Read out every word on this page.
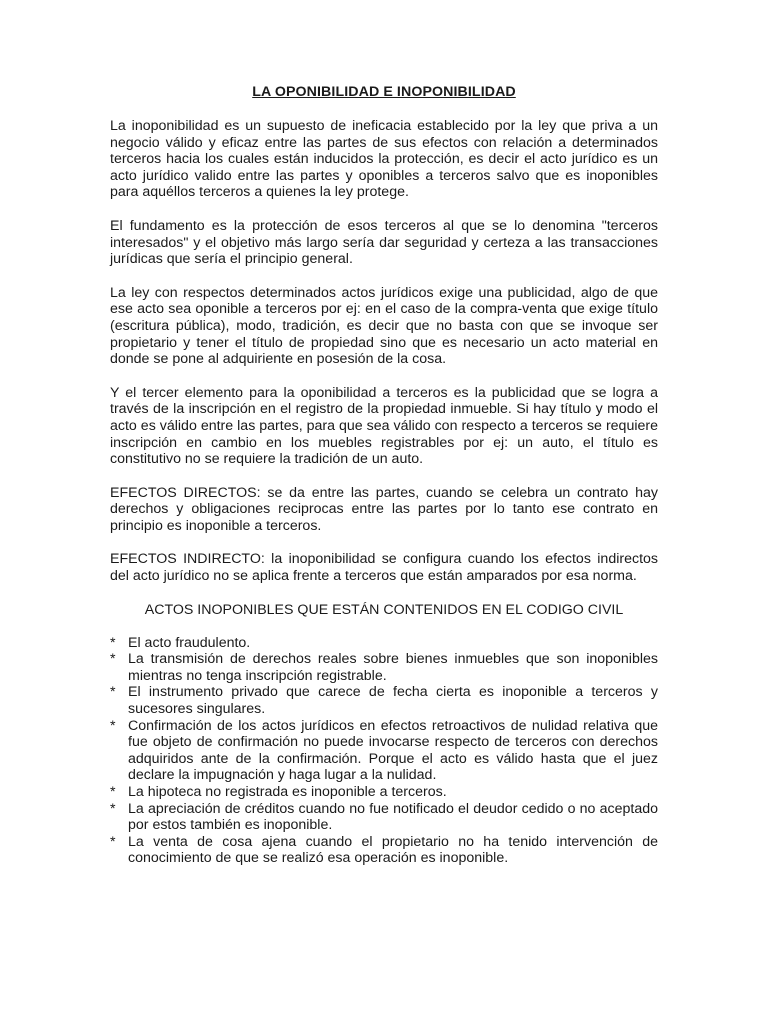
LA OPONIBILIDAD E INOPONIBILIDAD

La inoponibilidad es un supuesto de ineficacia establecido por la ley que priva a un negocio válido y eficaz entre las partes de sus efectos con relación a determinados terceros hacia los cuales están inducidos la protección, es decir el acto jurídico es un acto jurídico valido entre las partes y oponibles a terceros salvo que es inoponibles para aquéllos terceros a quienes la ley protege.

El fundamento es la protección de esos terceros al que se lo denomina "terceros interesados" y el objetivo más largo sería dar seguridad y certeza a las transacciones jurídicas que sería el principio general.

La ley con respectos determinados actos jurídicos exige una publicidad, algo de que ese acto sea oponible a terceros por ej: en el caso de la compra-venta que exige título (escritura pública), modo, tradición, es decir que no basta con que se invoque ser propietario y tener el título de propiedad sino que es necesario un acto material en donde se pone al adquiriente en posesión de la cosa.

Y el tercer elemento para la oponibilidad a terceros es la publicidad que se logra a través de la inscripción en el registro de la propiedad inmueble. Si hay título y modo el acto es válido entre las partes, para que sea válido con respecto a terceros se requiere inscripción en cambio en los muebles registrables por ej: un auto, el título es constitutivo no se requiere la tradición de un auto.

EFECTOS DIRECTOS: se da entre las partes, cuando se celebra un contrato hay derechos y obligaciones reciprocas entre las partes por lo tanto ese contrato en principio es inoponible a terceros.

EFECTOS INDIRECTO: la inoponibilidad se configura cuando los efectos indirectos del acto jurídico no se aplica frente a terceros que están amparados por esa norma.

ACTOS INOPONIBLES QUE ESTÁN CONTENIDOS EN EL CODIGO CIVIL
* El acto fraudulento.
* La transmisión de derechos reales sobre bienes inmuebles que son inoponibles mientras no tenga inscripción registrable.
* El instrumento privado que carece de fecha cierta es inoponible a terceros y sucesores singulares.
* Confirmación de los actos jurídicos en efectos retroactivos de nulidad relativa que fue objeto de confirmación no puede invocarse respecto de terceros con derechos adquiridos ante de la confirmación. Porque el acto es válido hasta que el juez declare la impugnación y haga lugar a la nulidad.
* La hipoteca no registrada es inoponible a terceros.
* La apreciación de créditos cuando no fue notificado el deudor cedido o no aceptado por estos también es inoponible.
* La venta de cosa ajena cuando el propietario no ha tenido intervención de conocimiento de que se realizó esa operación es inoponible.
